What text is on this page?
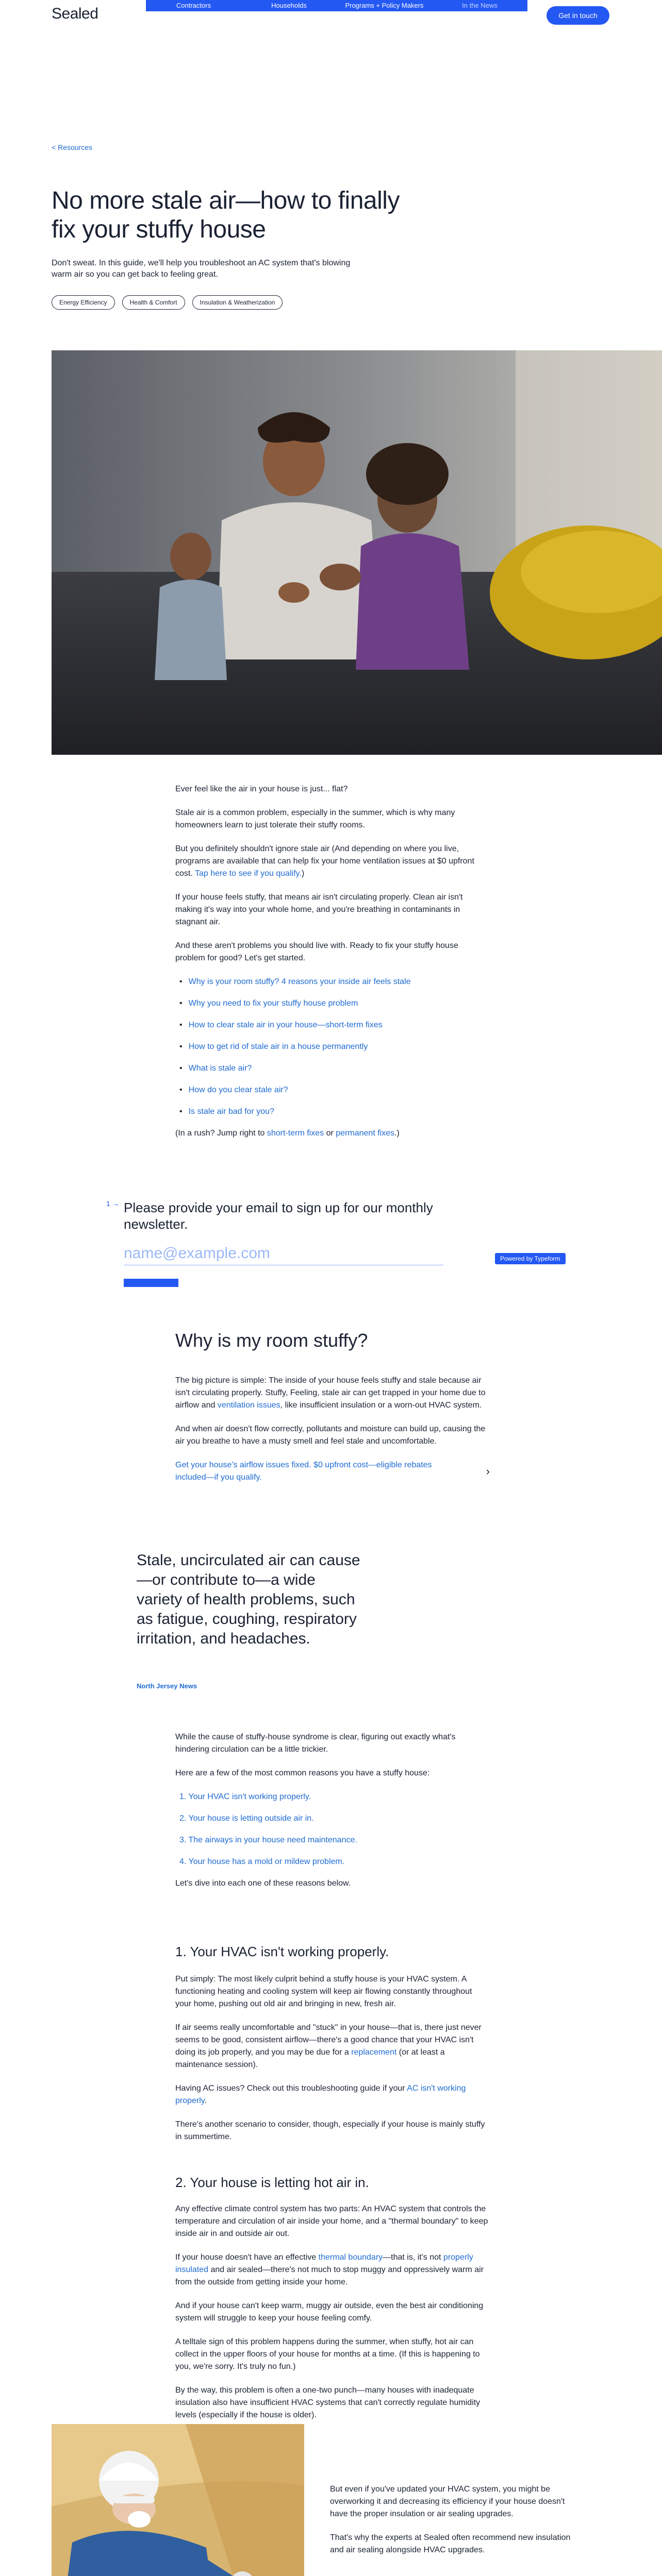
Sealed	Contractors	Households	Programs + Policy Makers	In the News
Get in touch
< Resources
No more stale air—how to finally fix your stuffy house
Don't sweat. In this guide, we'll help you troubleshoot an AC system that's blowing warm air so you can get back to feeling great.
Energy Efficiency	Health & Comfort	Insulation & Weatherization

Ever feel like the air in your house is just... flat?

Stale air is a common problem, especially in the summer, which is why many homeowners learn to just tolerate their stuffy rooms.

But you definitely shouldn't ignore stale air (And depending on where you live, programs are available that can help fix your home ventilation issues at $0 upfront cost. Tap here to see if you qualify.)

If your house feels stuffy, that means air isn't circulating properly. Clean air isn't making it's way into your whole home, and you're breathing in contaminants in stagnant air.

And these aren't problems you should live with. Ready to fix your stuffy house problem for good? Let's get started.

• Why is your room stuffy? 4 reasons your inside air feels stale
• Why you need to fix your stuffy house problem
• How to clear stale air in your house—short-term fixes
• How to get rid of stale air in a house permanently
• What is stale air?
• How do you clear stale air?
• Is stale air bad for you?

(In a rush? Jump right to short-term fixes or permanent fixes.)

1 → Please provide your email to sign up for our monthly newsletter.
name@example.com
Powered by Typeform
Why is my room stuffy?

The big picture is simple: The inside of your house feels stuffy and stale because air isn't circulating properly. Stuffy, Feeling, stale air can get trapped in your home due to airflow and ventilation issues, like insufficient insulation or a worn-out HVAC system.

And when air doesn't flow correctly, pollutants and moisture can build up, causing the air you breathe to have a musty smell and feel stale and uncomfortable.

Get your house's airflow issues fixed. $0 upfront cost—eligible rebates included—if you qualify.	›
Stale, uncirculated air can cause—or contribute to—a wide variety of health problems, such as fatigue, coughing, respiratory irritation, and headaches.
North Jersey News

While the cause of stuffy-house syndrome is clear, figuring out exactly what's hindering circulation can be a little trickier.

Here are a few of the most common reasons you have a stuffy house:

1. Your HVAC isn't working properly.
2. Your house is letting outside air in.
3. The airways in your house need maintenance.
4. Your house has a mold or mildew problem.

Let's dive into each one of these reasons below.

1. Your HVAC isn't working properly.

Put simply: The most likely culprit behind a stuffy house is your HVAC system. A functioning heating and cooling system will keep air flowing constantly throughout your home, pushing out old air and bringing in new, fresh air.

If air seems really uncomfortable and "stuck" in your house—that is, there just never seems to be good, consistent airflow—there's a good chance that your HVAC isn't doing its job properly, and you may be due for a replacement (or at least a maintenance session).

Having AC issues? Check out this troubleshooting guide if your AC isn't working properly.

There's another scenario to consider, though, especially if your house is mainly stuffy in summertime.

2. Your house is letting hot air in.

Any effective climate control system has two parts: An HVAC system that controls the temperature and circulation of air inside your home, and a "thermal boundary" to keep inside air in and outside air out.

If your house doesn't have an effective thermal boundary—that is, it's not properly insulated and air sealed—there's not much to stop muggy and oppressively warm air from the outside from getting inside your home.

And if your house can't keep warm, muggy air outside, even the best air conditioning system will struggle to keep your house feeling comfy.

A telltale sign of this problem happens during the summer, when stuffy, hot air can collect in the upper floors of your house for months at a time. (If this is happening to you, we're sorry. It's truly no fun.)

By the way, this problem is often a one-two punch—many houses with inadequate insulation also have insufficient HVAC systems that can't correctly regulate humidity levels (especially if the house is older).

But even if you've updated your HVAC system, you might be overworking it and decreasing its efficiency if your house doesn't have the proper insulation or air sealing upgrades.

That's why the experts at Sealed often recommend new insulation and air sealing alongside HVAC upgrades.
